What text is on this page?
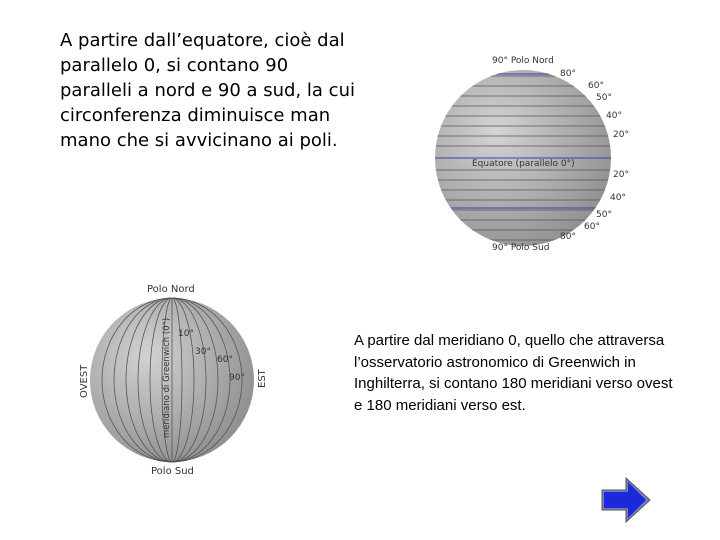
A partire dall’equatore, cioè dal parallelo 0, si contano 90 paralleli a nord e 90 a sud, la cui circonferenza diminuisce man mano che si avvicinano ai poli.

90° Polo Nord
90° Polo Sud
Equatore (parallelo 0°)
80°
60°
50°
40°
20°
20°
40°
50°
60°
80°
Polo Nord
Polo Sud
OVEST	EST
meridiano di Greenwich (0°) 10°
30°
60°
90°

A partire dal meridiano 0, quello che attraversa l’osservatorio astronomico di Greenwich in Inghilterra, si contano 180 meridiani verso ovest e 180 meridiani verso est.
